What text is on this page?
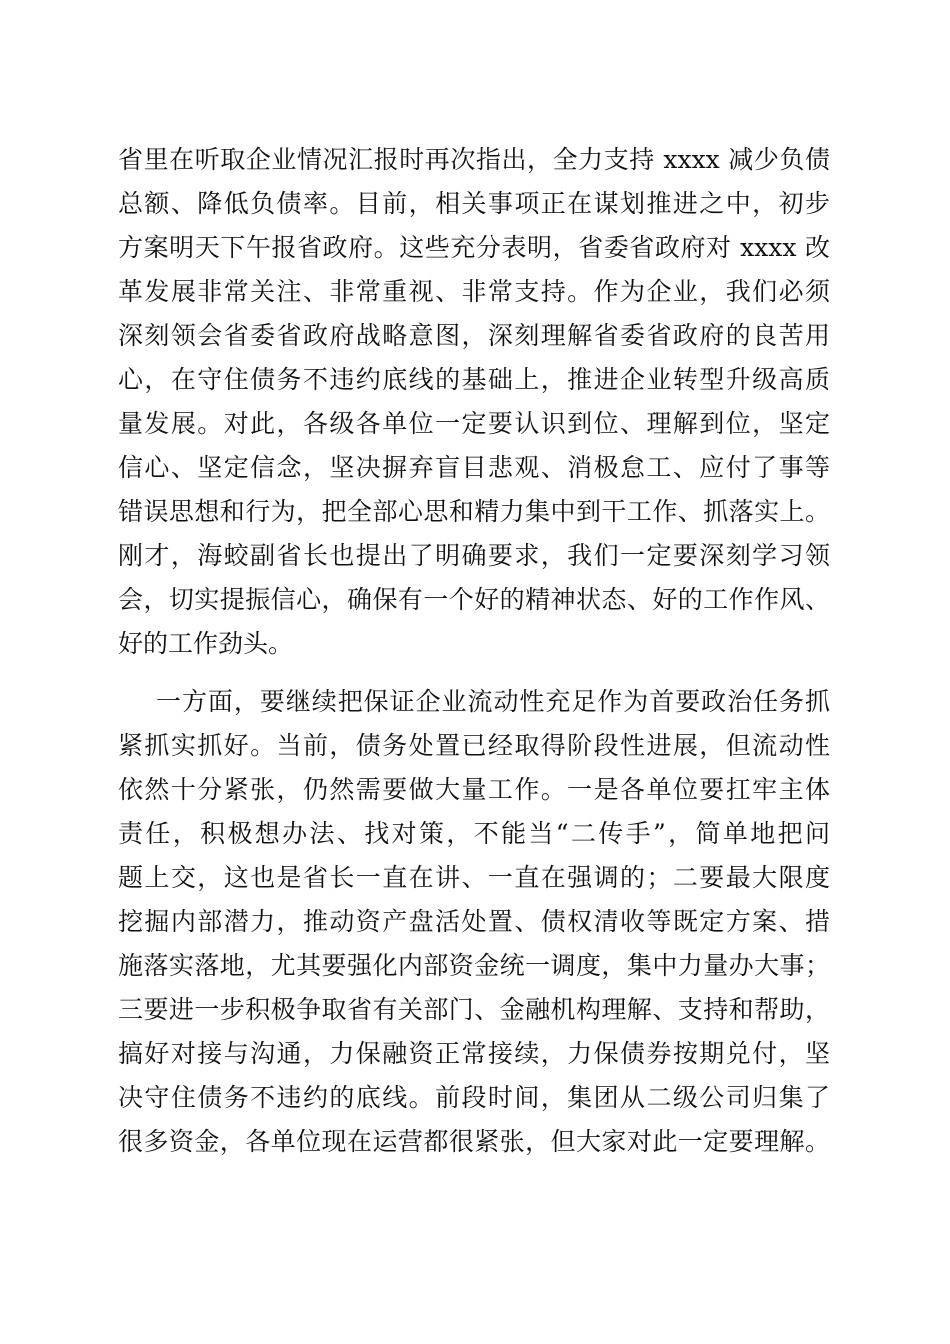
省里在听取企业情况汇报时再次指出，全力支持 xxxx 减少负债
总额、降低负债率。目前，相关事项正在谋划推进之中，初步
方案明天下午报省政府。这些充分表明，省委省政府对 xxxx 改
革发展非常关注、非常重视、非常支持。作为企业，我们必须
深刻领会省委省政府战略意图，深刻理解省委省政府的良苦用
心，在守住债务不违约底线的基础上，推进企业转型升级高质
量发展。对此，各级各单位一定要认识到位、理解到位，坚定
信心、坚定信念，坚决摒弃盲目悲观、消极怠工、应付了事等
错误思想和行为，把全部心思和精力集中到干工作、抓落实上。
刚才，海蛟副省长也提出了明确要求，我们一定要深刻学习领
会，切实提振信心，确保有一个好的精神状态、好的工作作风、
好的工作劲头。
一方面，要继续把保证企业流动性充足作为首要政治任务抓
紧抓实抓好。当前，债务处置已经取得阶段性进展，但流动性
依然十分紧张，仍然需要做大量工作。一是各单位要扛牢主体
责任，积极想办法、找对策，不能当“二传手”，简单地把问
题上交，这也是省长一直在讲、一直在强调的；二要最大限度
挖掘内部潜力，推动资产盘活处置、债权清收等既定方案、措
施落实落地，尤其要强化内部资金统一调度，集中力量办大事；
三要进一步积极争取省有关部门、金融机构理解、支持和帮助，
搞好对接与沟通，力保融资正常接续，力保债券按期兑付，坚
决守住债务不违约的底线。前段时间，集团从二级公司归集了
很多资金，各单位现在运营都很紧张，但大家对此一定要理解。
